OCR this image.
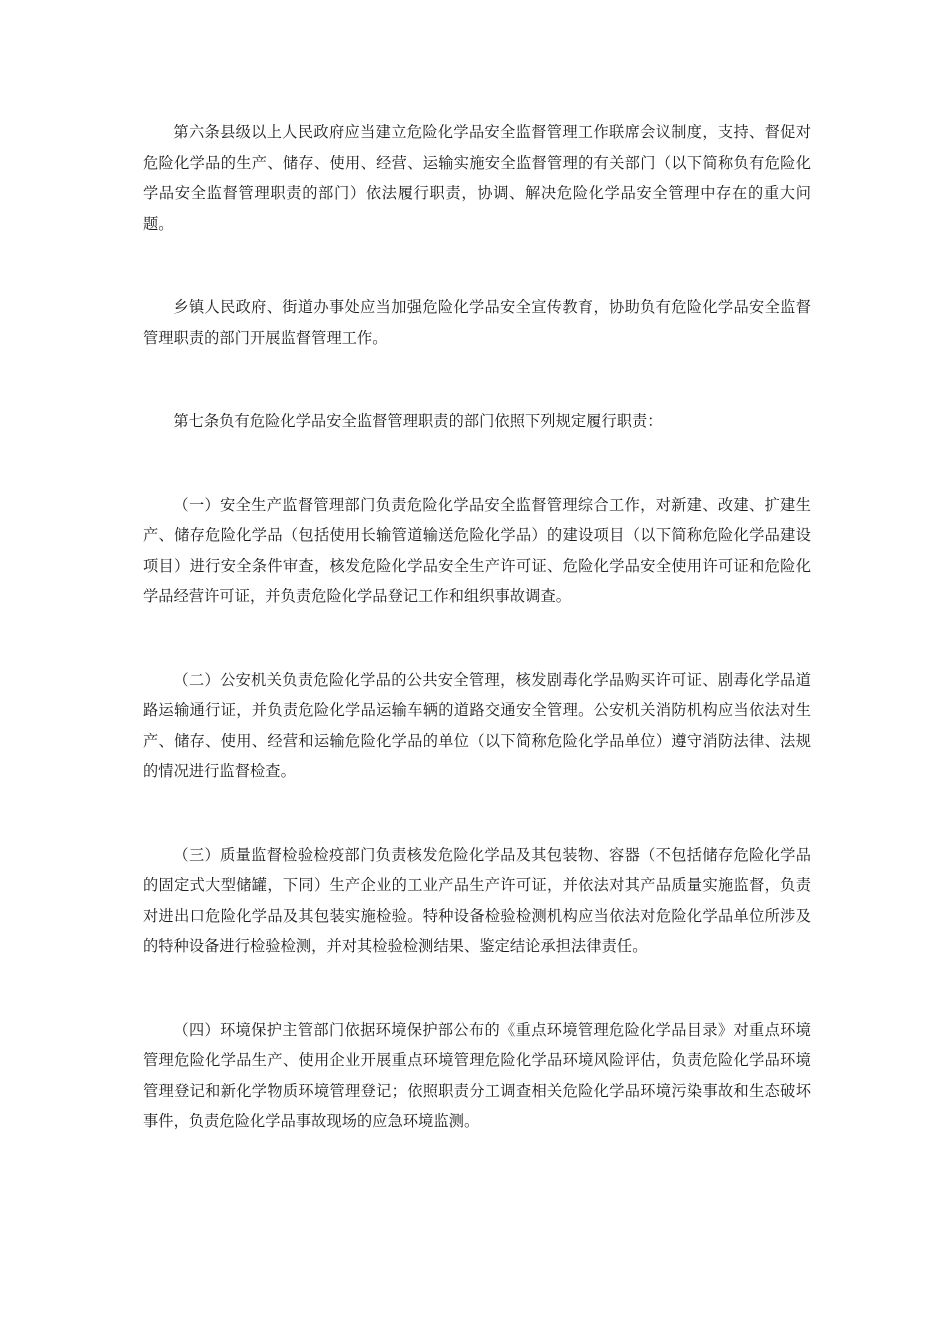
第六条县级以上人民政府应当建立危险化学品安全监督管理工作联席会议制度，支持、督促对危险化学品的生产、储存、使用、经营、运输实施安全监督管理的有关部门（以下简称负有危险化学品安全监督管理职责的部门）依法履行职责，协调、解决危险化学品安全管理中存在的重大问题。

乡镇人民政府、街道办事处应当加强危险化学品安全宣传教育，协助负有危险化学品安全监督管理职责的部门开展监督管理工作。

第七条负有危险化学品安全监督管理职责的部门依照下列规定履行职责：

（一）安全生产监督管理部门负责危险化学品安全监督管理综合工作，对新建、改建、扩建生产、储存危险化学品（包括使用长输管道输送危险化学品）的建设项目（以下简称危险化学品建设项目）进行安全条件审查，核发危险化学品安全生产许可证、危险化学品安全使用许可证和危险化学品经营许可证，并负责危险化学品登记工作和组织事故调查。

（二）公安机关负责危险化学品的公共安全管理，核发剧毒化学品购买许可证、剧毒化学品道路运输通行证，并负责危险化学品运输车辆的道路交通安全管理。公安机关消防机构应当依法对生产、储存、使用、经营和运输危险化学品的单位（以下简称危险化学品单位）遵守消防法律、法规的情况进行监督检查。

（三）质量监督检验检疫部门负责核发危险化学品及其包装物、容器（不包括储存危险化学品的固定式大型储罐，下同）生产企业的工业产品生产许可证，并依法对其产品质量实施监督，负责对进出口危险化学品及其包装实施检验。特种设备检验检测机构应当依法对危险化学品单位所涉及的特种设备进行检验检测，并对其检验检测结果、鉴定结论承担法律责任。

（四）环境保护主管部门依据环境保护部公布的《重点环境管理危险化学品目录》对重点环境管理危险化学品生产、使用企业开展重点环境管理危险化学品环境风险评估，负责危险化学品环境管理登记和新化学物质环境管理登记；依照职责分工调查相关危险化学品环境污染事故和生态破坏事件，负责危险化学品事故现场的应急环境监测。
